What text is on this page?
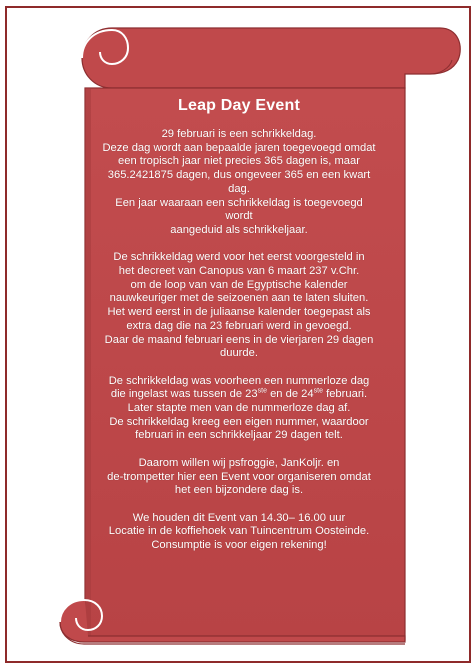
Leap Day Event
29 februari is een schrikkeldag.
Deze dag wordt aan bepaalde jaren toegevoegd omdat
een tropisch jaar niet precies 365 dagen is, maar
365.2421875 dagen, dus ongeveer 365 en een kwart
dag.
Een jaar waaraan een schrikkeldag is toegevoegd
wordt
aangeduid als schrikkeljaar.
De schrikkeldag werd voor het eerst voorgesteld in
het decreet van Canopus van 6 maart 237 v.Chr.
om de loop van van de Egyptische kalender
nauwkeuriger met de seizoenen aan te laten sluiten.
Het werd eerst in de juliaanse kalender toegepast als
extra dag die na 23 februari werd in gevoegd.
Daar de maand februari eens in de vierjaren 29 dagen
duurde.
De schrikkeldag was voorheen een nummerloze dag
die ingelast was tussen de 23ste en de 24ste februari.
Later stapte men van de nummerloze dag af.
De schrikkeldag kreeg een eigen nummer, waardoor
februari in een schrikkeljaar 29 dagen telt.
Daarom willen wij psfroggie, JanKoljr. en
de-trompetter hier een Event voor organiseren omdat
het een bijzondere dag is.
We houden dit Event van 14.30– 16.00 uur
Locatie in de koffiehoek van Tuincentrum Oosteinde.
Consumptie is voor eigen rekening!
